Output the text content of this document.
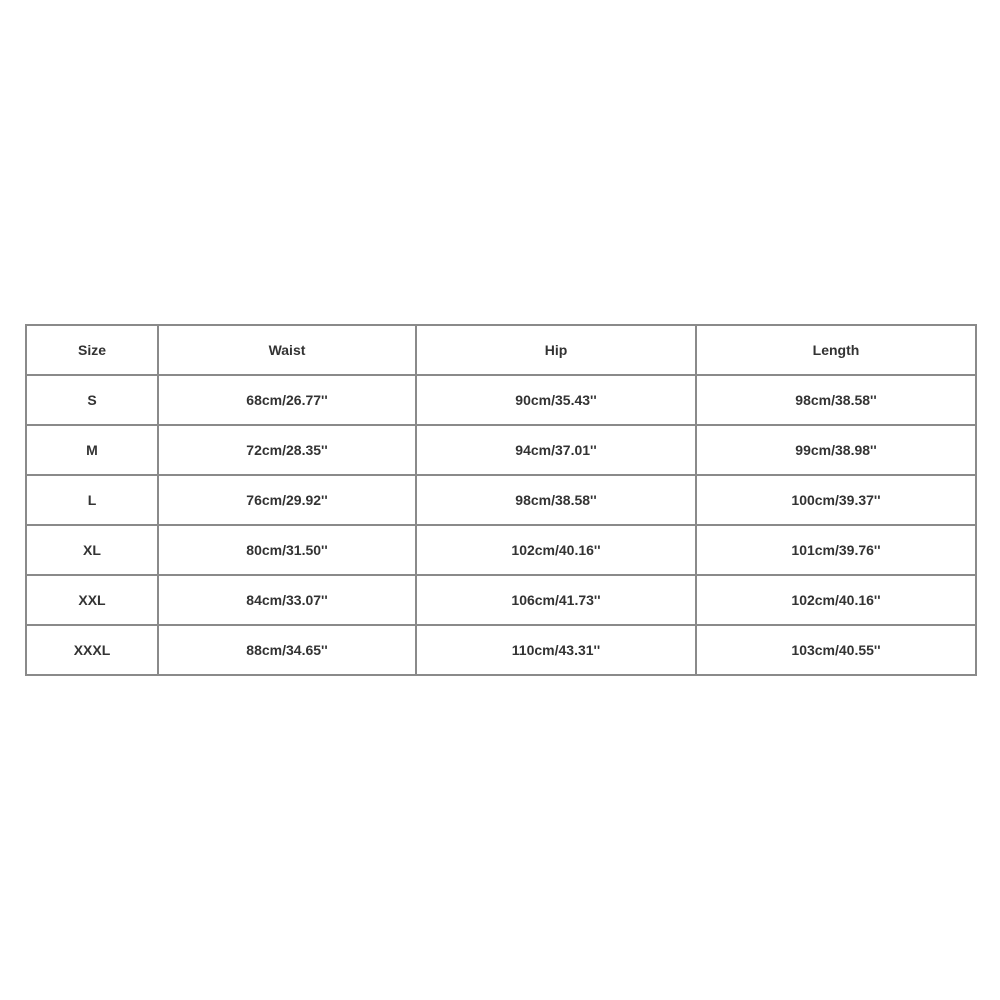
Size	Waist	Hip	Length
S	68cm/26.77''	90cm/35.43''	98cm/38.58''
M	72cm/28.35''	94cm/37.01''	99cm/38.98''
L	76cm/29.92''	98cm/38.58''	100cm/39.37''
XL	80cm/31.50''	102cm/40.16''	101cm/39.76''
XXL	84cm/33.07''	106cm/41.73''	102cm/40.16''
XXXL	88cm/34.65''	110cm/43.31''	103cm/40.55''
